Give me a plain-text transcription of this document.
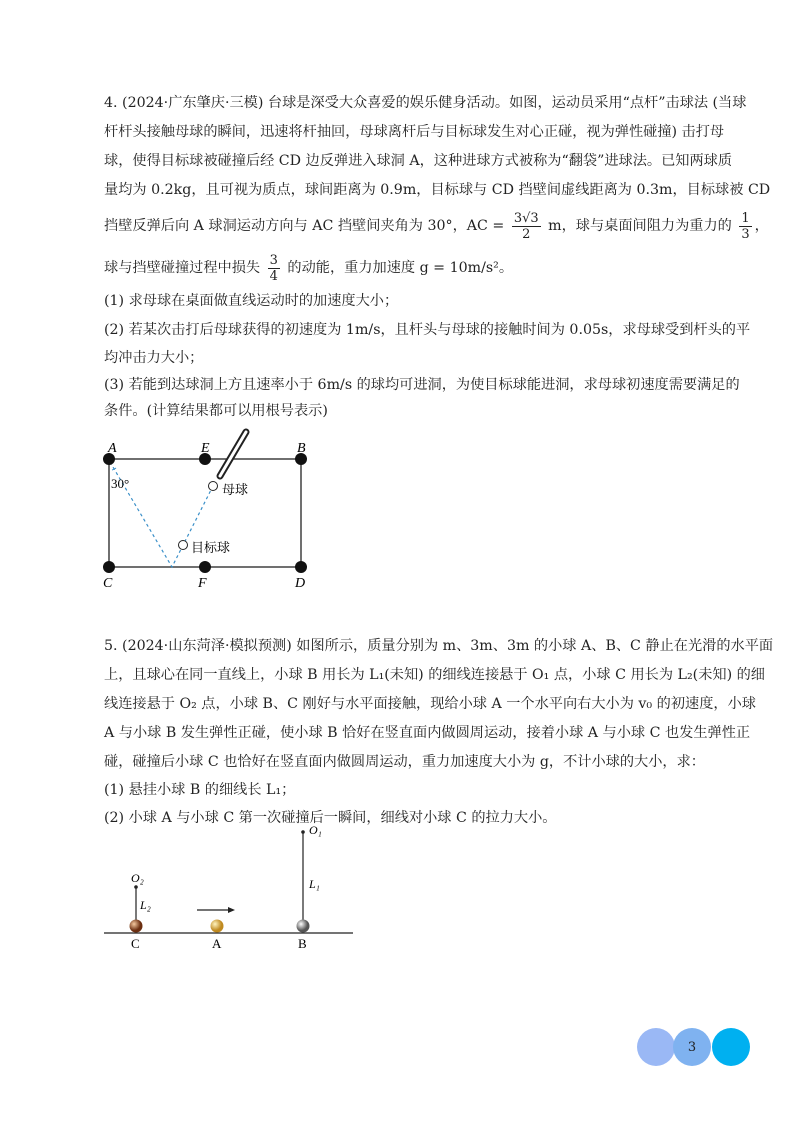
4. (2024·广东肇庆·三模) 台球是深受大众喜爱的娱乐健身活动。如图，运动员采用“点杆”击球法 (当球
杆杆头接触母球的瞬间，迅速将杆抽回，母球离杆后与目标球发生对心正碰，视为弹性碰撞) 击打母
球，使得目标球被碰撞后经 CD 边反弹进入球洞 A，这种进球方式被称为“翻袋”进球法。已知两球质
量均为 0.2kg，且可视为质点，球间距离为 0.9m，目标球与 CD 挡壁间虚线距离为 0.3m，目标球被 CD
挡壁反弹后向 A 球洞运动方向与 AC 挡壁间夹角为 30°，AC = $\frac{3√3}{2}$ m，球与桌面间阻力为重力的 $\frac{1}{3}$ ，
球与挡壁碰撞过程中损失 $\frac{3}{4}$ 的动能，重力加速度 g = 10m/s²。
(1) 求母球在桌面做直线运动时的加速度大小；
(2) 若某次击打后母球获得的初速度为 1m/s，且杆头与母球的接触时间为 0.05s，求母球受到杆头的平
均冲击力大小；
(3) 若能到达球洞上方且速率小于 6m/s 的球均可进洞，为使目标球能进洞，求母球初速度需要满足的
条件。(计算结果都可以用根号表示)
A	E	B
C	F	D
30°	母球
目标球
O₁
L₁
O₂
L₂
C	A	B
5. (2024·山东菏泽·模拟预测) 如图所示，质量分别为 m、3m、3m 的小球 A、B、C 静止在光滑的水平面
上，且球心在同一直线上，小球 B 用长为 L₁(未知) 的细线连接悬于 O₁ 点，小球 C 用长为 L₂(未知) 的细
线连接悬于 O₂ 点，小球 B、C 刚好与水平面接触，现给小球 A 一个水平向右大小为 v₀ 的初速度，小球
A 与小球 B 发生弹性正碰，使小球 B 恰好在竖直面内做圆周运动，接着小球 A 与小球 C 也发生弹性正
碰，碰撞后小球 C 也恰好在竖直面内做圆周运动，重力加速度大小为 g，不计小球的大小，求：
(1) 悬挂小球 B 的细线长 L₁；
(2) 小球 A 与小球 C 第一次碰撞后一瞬间，细线对小球 C 的拉力大小。
3
